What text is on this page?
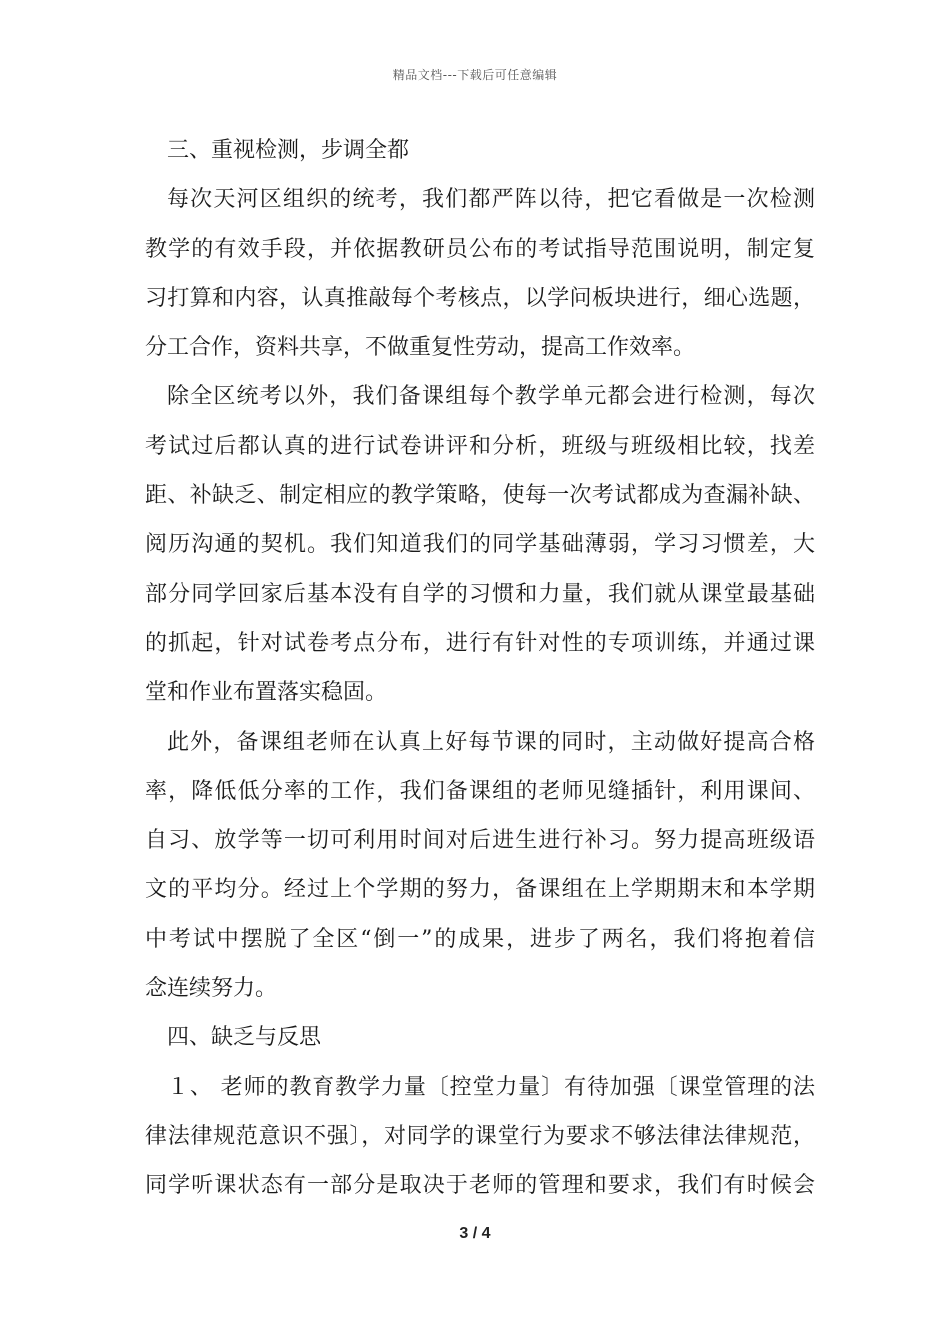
精品文档---下载后可任意编辑
三、重视检测，步调全都
每次天河区组织的统考，我们都严阵以待，把它看做是一次检测
教学的有效手段，并依据教研员公布的考试指导范围说明，制定复
习打算和内容，认真推敲每个考核点，以学问板块进行，细心选题，
分工合作，资料共享，不做重复性劳动，提高工作效率。
除全区统考以外，我们备课组每个教学单元都会进行检测，每次
考试过后都认真的进行试卷讲评和分析，班级与班级相比较，找差
距、补缺乏、制定相应的教学策略，使每一次考试都成为查漏补缺、
阅历沟通的契机。我们知道我们的同学基础薄弱，学习习惯差，大
部分同学回家后基本没有自学的习惯和力量，我们就从课堂最基础
的抓起，针对试卷考点分布，进行有针对性的专项训练，并通过课
堂和作业布置落实稳固。
此外，备课组老师在认真上好每节课的同时，主动做好提高合格
率，降低低分率的工作，我们备课组的老师见缝插针，利用课间、
自习、放学等一切可利用时间对后进生进行补习。努力提高班级语
文的平均分。经过上个学期的努力，备课组在上学期期末和本学期
中考试中摆脱了全区“倒一”的成果，进步了两名，我们将抱着信
念连续努力。
四、缺乏与反思
１、 老师的教育教学力量〔控堂力量〕有待加强〔课堂管理的法
律法律规范意识不强〕，对同学的课堂行为要求不够法律法律规范，
同学听课状态有一部分是取决于老师的管理和要求，我们有时候会
3 / 4
